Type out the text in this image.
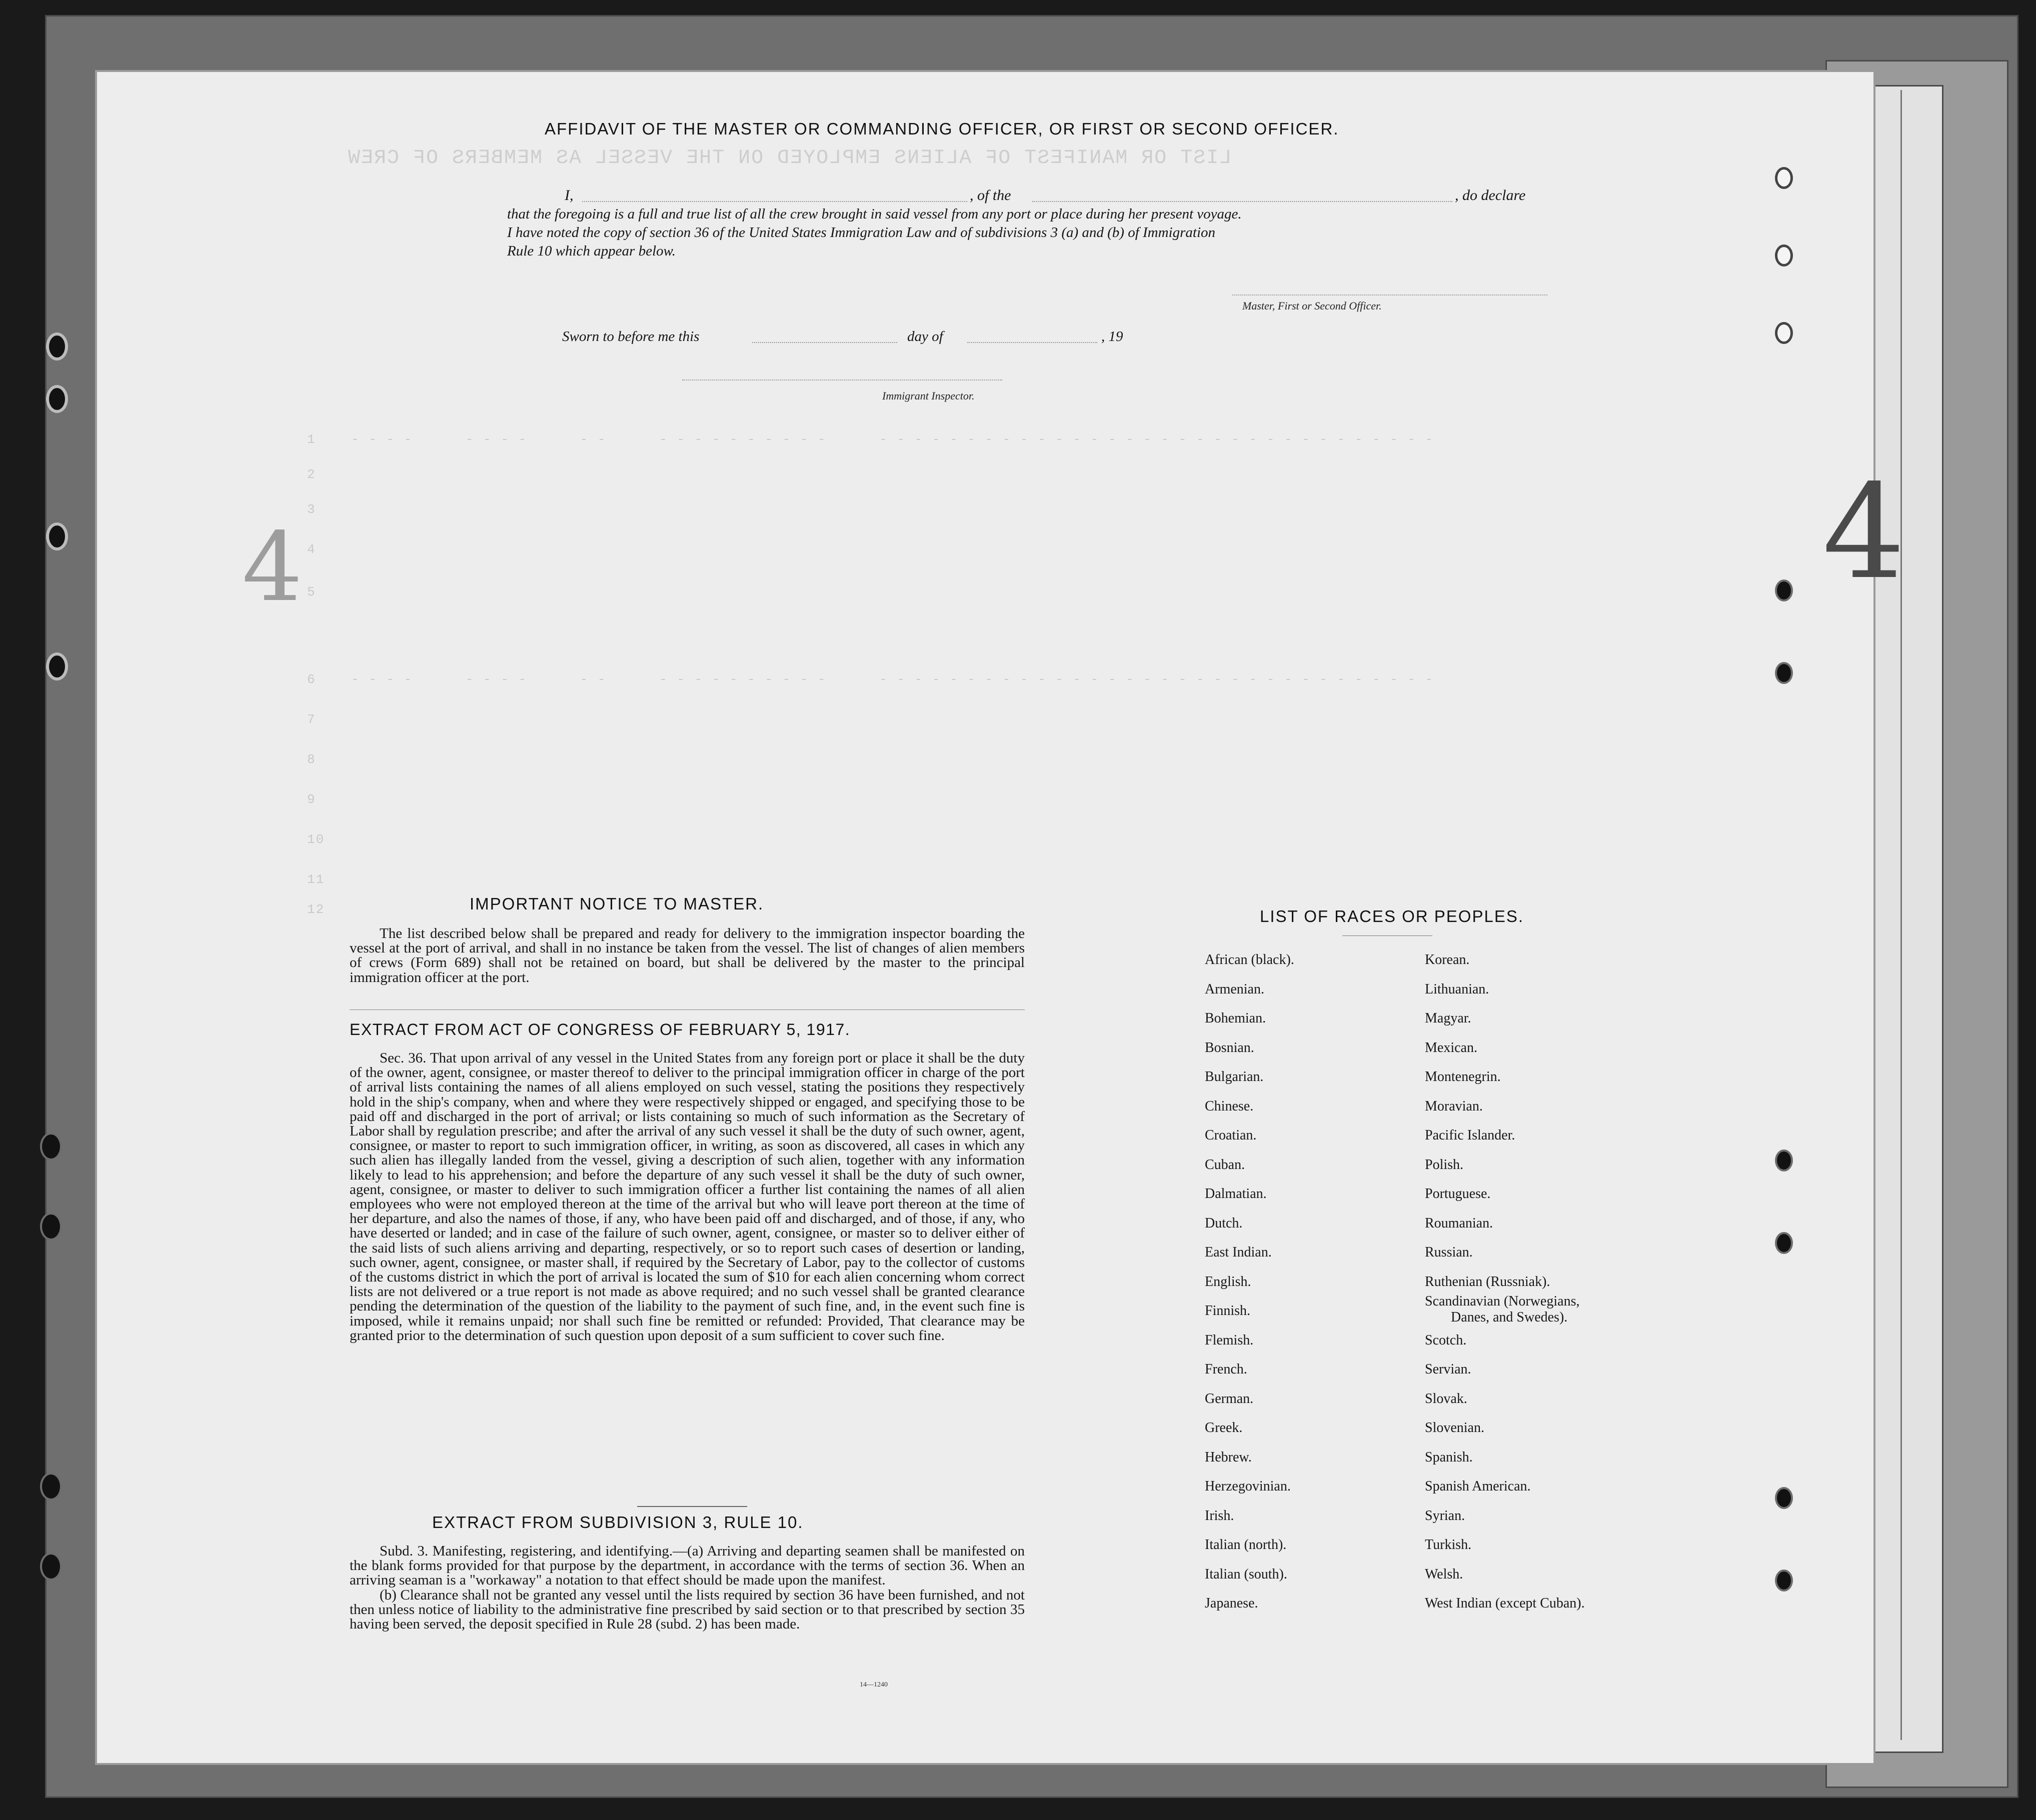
LIST OR MANIFEST OF ALIENS EMPLOYED ON THE VESSEL AS MEMBERS OF CREW
1    - - - -      - - - -      - -      - - - - - - - - - -      - - - - - - - - - - - - - - - - - - - - - - - - - - - - - - - -
2
3
4
5
6    - - - -      - - - -      - -      - - - - - - - - - -      - - - - - - - - - - - - - - - - - - - - - - - - - - - - - - - -
7
8
9
10
11
12
AFFIDAVIT OF THE MASTER OR COMMANDING OFFICER, OR FIRST OR SECOND OFFICER.
I,	, of the	, do declare
that the foregoing is a full and true list of all the crew brought in said vessel from any port or place during her present voyage.
I have noted the copy of section 36 of the United States Immigration Law and of subdivisions 3 (a) and (b) of Immigration
Rule 10 which appear below.
Master, First or Second Officer.
Sworn to before me this	day of	, 19
Immigrant Inspector.
4	4
IMPORTANT NOTICE TO MASTER.

The list described below shall be prepared and ready for delivery to the immigration inspector boarding the vessel at the port of arrival, and shall in no instance be taken from the vessel. The list of changes of alien members of crews (Form 689) shall not be retained on board, but shall be delivered by the master to the principal immigration officer at the port.

EXTRACT FROM ACT OF CONGRESS OF FEBRUARY 5, 1917.

Sec. 36. That upon arrival of any vessel in the United States from any foreign port or place it shall be the duty of the owner, agent, consignee, or master thereof to deliver to the principal immigration officer in charge of the port of arrival lists containing the names of all aliens employed on such vessel, stating the positions they respectively hold in the ship's company, when and where they were respectively shipped or engaged, and specifying those to be paid off and discharged in the port of arrival; or lists containing so much of such information as the Secretary of Labor shall by regulation prescribe; and after the arrival of any such vessel it shall be the duty of such owner, agent, consignee, or master to report to such immigration officer, in writing, as soon as discovered, all cases in which any such alien has illegally landed from the vessel, giving a description of such alien, together with any information likely to lead to his apprehension; and before the departure of any such vessel it shall be the duty of such owner, agent, consignee, or master to deliver to such immigration officer a further list containing the names of all alien employees who were not employed thereon at the time of the arrival but who will leave port thereon at the time of her departure, and also the names of those, if any, who have been paid off and discharged, and of those, if any, who have deserted or landed; and in case of the failure of such owner, agent, consignee, or master so to deliver either of the said lists of such aliens arriving and departing, respectively, or so to report such cases of desertion or landing, such owner, agent, consignee, or master shall, if required by the Secretary of Labor, pay to the collector of customs of the customs district in which the port of arrival is located the sum of $10 for each alien concerning whom correct lists are not delivered or a true report is not made as above required; and no such vessel shall be granted clearance pending the determination of the question of the liability to the payment of such fine, and, in the event such fine is imposed, while it remains unpaid; nor shall such fine be remitted or refunded: Provided, That clearance may be granted prior to the determination of such question upon deposit of a sum sufficient to cover such fine.

EXTRACT FROM SUBDIVISION 3, RULE 10.

Subd. 3. Manifesting, registering, and identifying.—(a) Arriving and departing seamen shall be manifested on the blank forms provided for that purpose by the department, in accordance with the terms of section 36. When an arriving seaman is a "workaway" a notation to that effect should be made upon the manifest.

(b) Clearance shall not be granted any vessel until the lists required by section 36 have been furnished, and not then unless notice of liability to the administrative fine prescribed by said section or to that prescribed by section 35 having been served, the deposit specified in Rule 28 (subd. 2) has been made.

14—1240
LIST OF RACES OR PEOPLES.
African (black).
Armenian.
Bohemian.
Bosnian.
Bulgarian.
Chinese.
Croatian.
Cuban.
Dalmatian.
Dutch.
East Indian.
English.
Finnish.
Flemish.
French.
German.
Greek.
Hebrew.
Herzegovinian.
Irish.
Italian (north).
Italian (south).
Japanese.
Korean.
Lithuanian.
Magyar.
Mexican.
Montenegrin.
Moravian.
Pacific Islander.
Polish.
Portuguese.
Roumanian.
Russian.
Ruthenian (Russniak).
Scandinavian (Norwegians,
Danes, and Swedes).
Scotch.
Servian.
Slovak.
Slovenian.
Spanish.
Spanish American.
Syrian.
Turkish.
Welsh.
West Indian (except Cuban).
